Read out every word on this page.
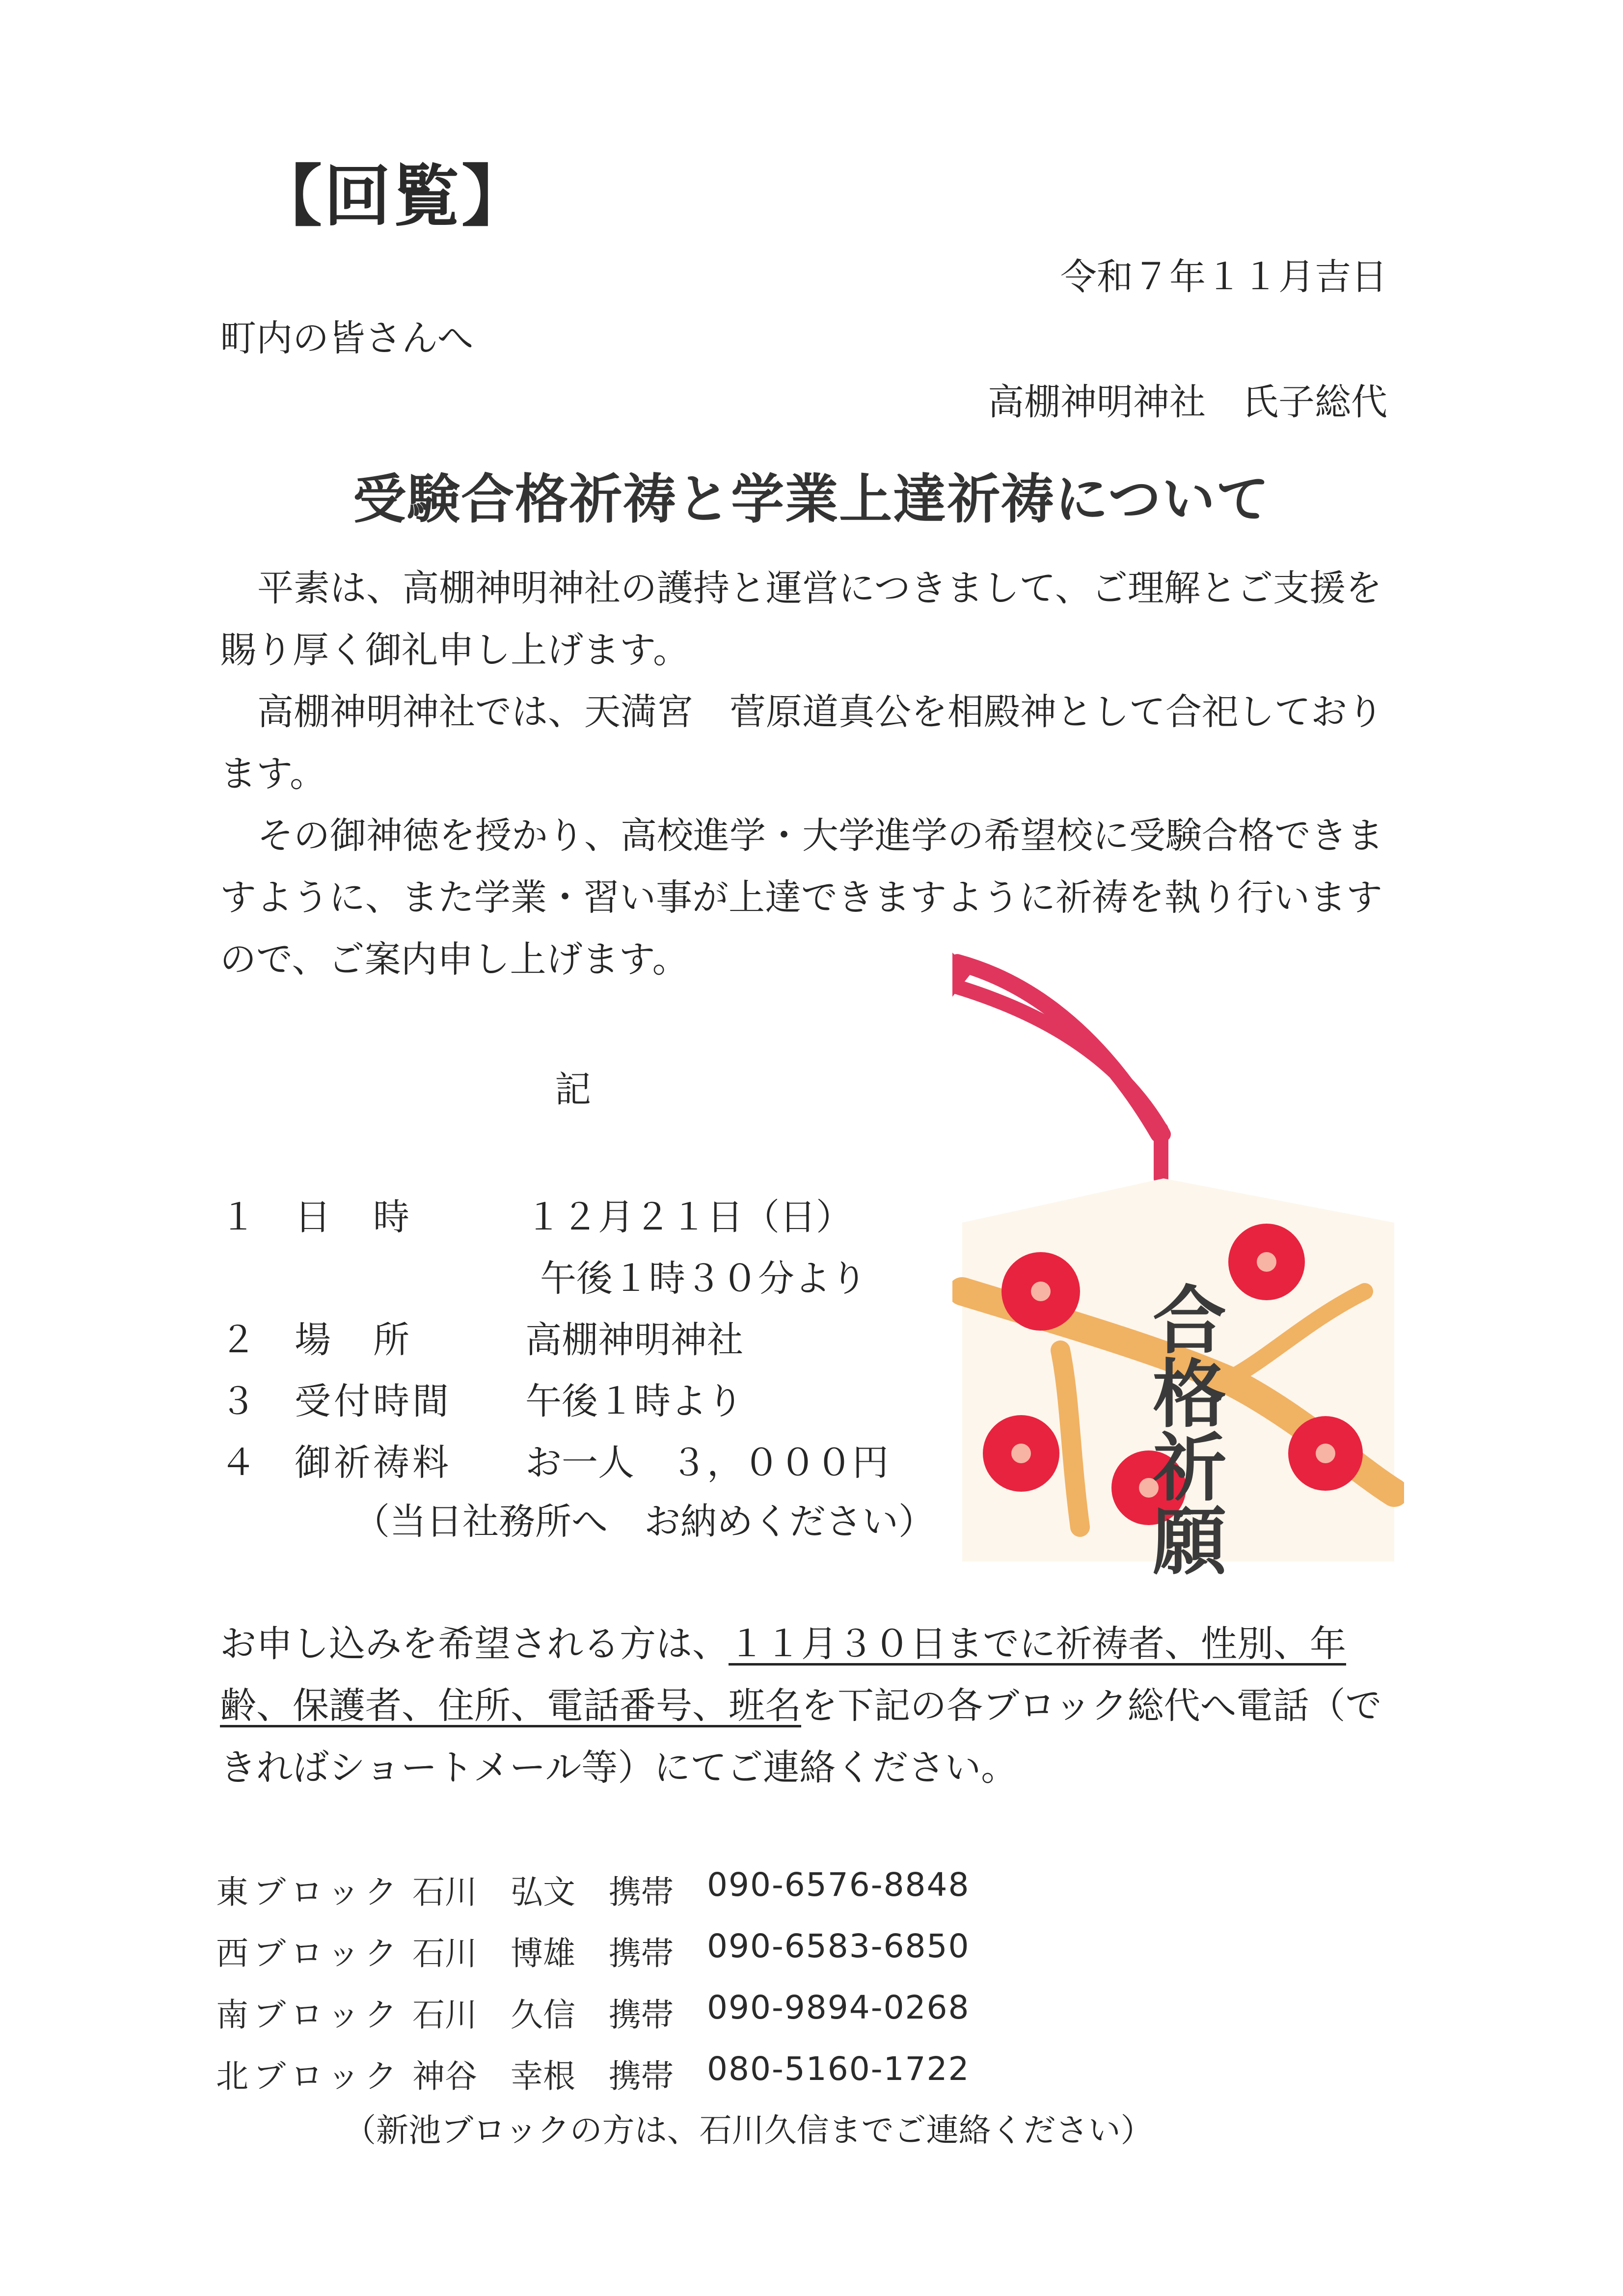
【回覧】
令和７年１１月吉日
町内の皆さんへ
高棚神明神社　氏子総代
受験合格祈祷と学業上達祈祷について

平素は、高棚神明神社の護持と運営につきまして、ご理解とご支援を賜り厚く御礼申し上げます。

高棚神明神社では、天満宮　菅原道真公を相殿神として合祀しております。

その御神徳を授かり、高校進学・大学進学の希望校に受験合格できますように、また学業・習い事が上達できますように祈祷を執り行いますので、ご案内申し上げます。

記
１ 日　時	１２月２１日（日）
午後１時３０分より
２ 場　所	高棚神明神社
３ 受付時間 午後１時より
４ 御祈祷料 お一人　３，０００円
（当日社務所へ　お納めください）	合格祈願
お申し込みを希望される方は、１１月３０日までに祈祷者、性別、年齢、保護者、住所、電話番号、班名を下記の各ブロック総代へ電話（できればショートメール等）にてご連絡ください。
東ブロック 石川 弘文 携帯 090-6576-8848
西ブロック 石川 博雄 携帯 090-6583-6850
南ブロック 石川 久信 携帯 090-9894-0268
北ブロック 神谷 幸根 携帯 080-5160-1722
（新池ブロックの方は、石川久信までご連絡ください）
